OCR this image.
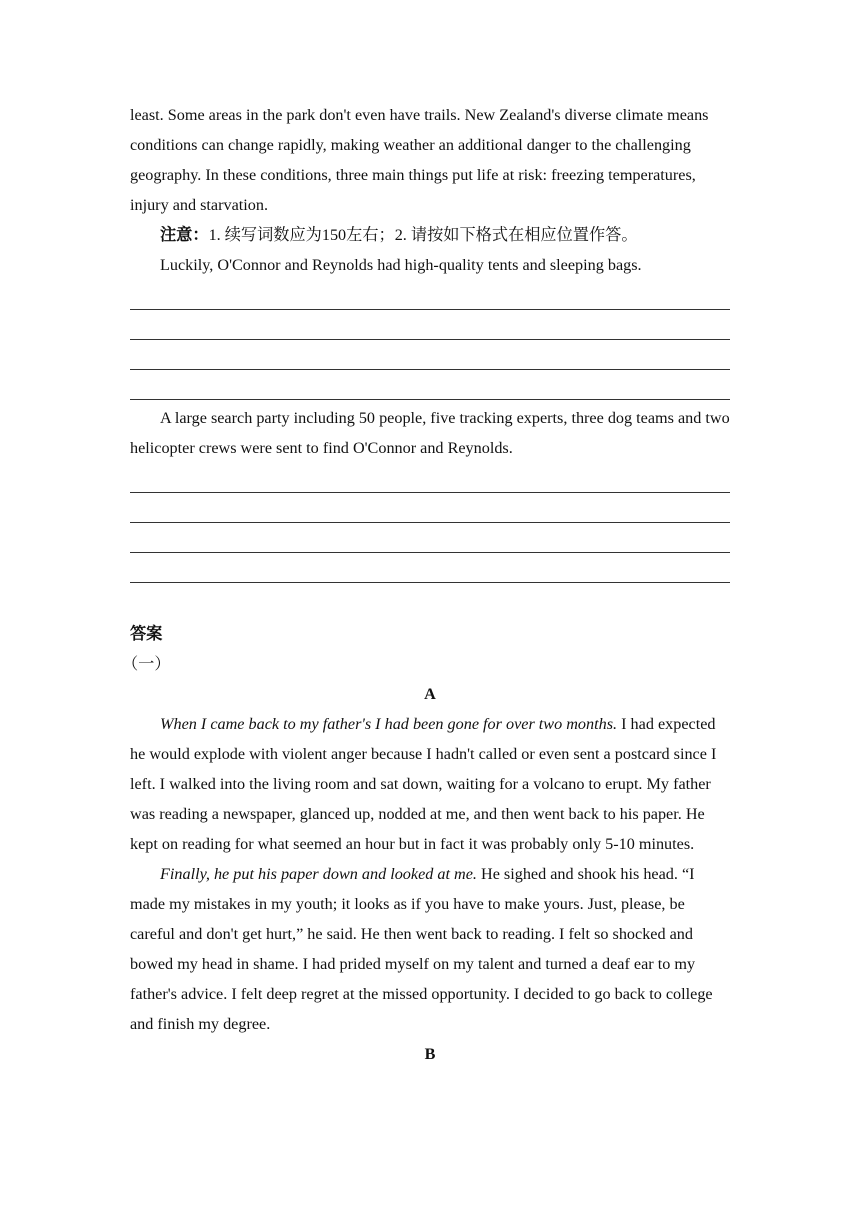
least. Some areas in the park don't even have trails. New Zealand's diverse climate means conditions can change rapidly, making weather an additional danger to the challenging geography. In these conditions, three main things put life at risk: freezing temperatures, injury and starvation.

注意：1. 续写词数应为150左右；2. 请按如下格式在相应位置作答。

Luckily, O'Connor and Reynolds had high-quality tents and sleeping bags.

A large search party including 50 people, five tracking experts, three dog teams and two helicopter crews were sent to find O'Connor and Reynolds.

答案

（一）

A

When I came back to my father's I had been gone for over two months. I had expected he would explode with violent anger because I hadn't called or even sent a postcard since I left. I walked into the living room and sat down, waiting for a volcano to erupt. My father was reading a newspaper, glanced up, nodded at me, and then went back to his paper. He kept on reading for what seemed an hour but in fact it was probably only 5-10 minutes.

Finally, he put his paper down and looked at me. He sighed and shook his head. “I made my mistakes in my youth; it looks as if you have to make yours. Just, please, be careful and don't get hurt,” he said. He then went back to reading. I felt so shocked and bowed my head in shame. I had prided myself on my talent and turned a deaf ear to my father's advice. I felt deep regret at the missed opportunity. I decided to go back to college and finish my degree.

B
